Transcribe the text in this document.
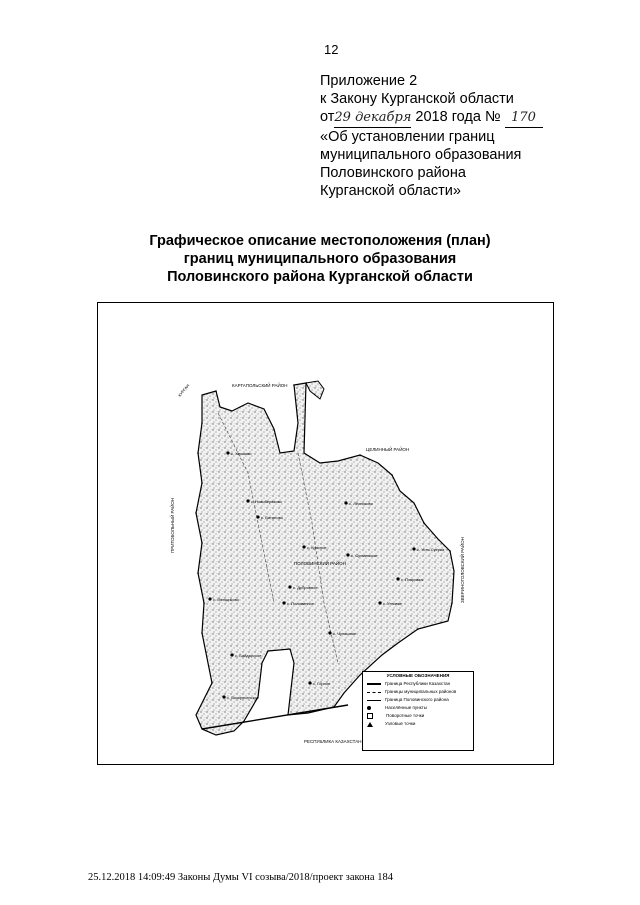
12
Приложение 2
к Закону Курганской области
от29 декабря 2018 года № 170
«Об установлении границ
муниципального образования
Половинского района
Курганской области»
Графическое описание местоположения (план)
границ муниципального образования
Половинского района Курганской области
КАРГАПОЛЬСКИЙ РАЙОН
ЦЕЛИННЫЙ РАЙОН
ПРИТОБОЛЬНЫЙ РАЙОН
ЗВЕРИНОГОЛОВСКИЙ РАЙОН
РЕСПУБЛИКА КАЗАХСТАН
КУРГАН
ПОЛОВИНСКИЙ РАЙОН
с. Половинное
с. Чулошное
с. Сухменское
с. Байдарское
с. Воскресенское
с. Менщиково
с. Хлызово
с. Баталово
с. Дубровное
с. Покровка
с. Усть-Суерка
с. Лесниково
с. Красное
с. Новоберёзово
с. Угловое
с. Горное
УСЛОВНЫЕ ОБОЗНАЧЕНИЯ
Граница Республики Казахстан
Границы муниципальных районов
Граница Половинского района
Населённые пункты
Поворотные точки
Узловые точки
25.12.2018 14:09:49 Законы Думы VI созыва/2018/проект закона 184
